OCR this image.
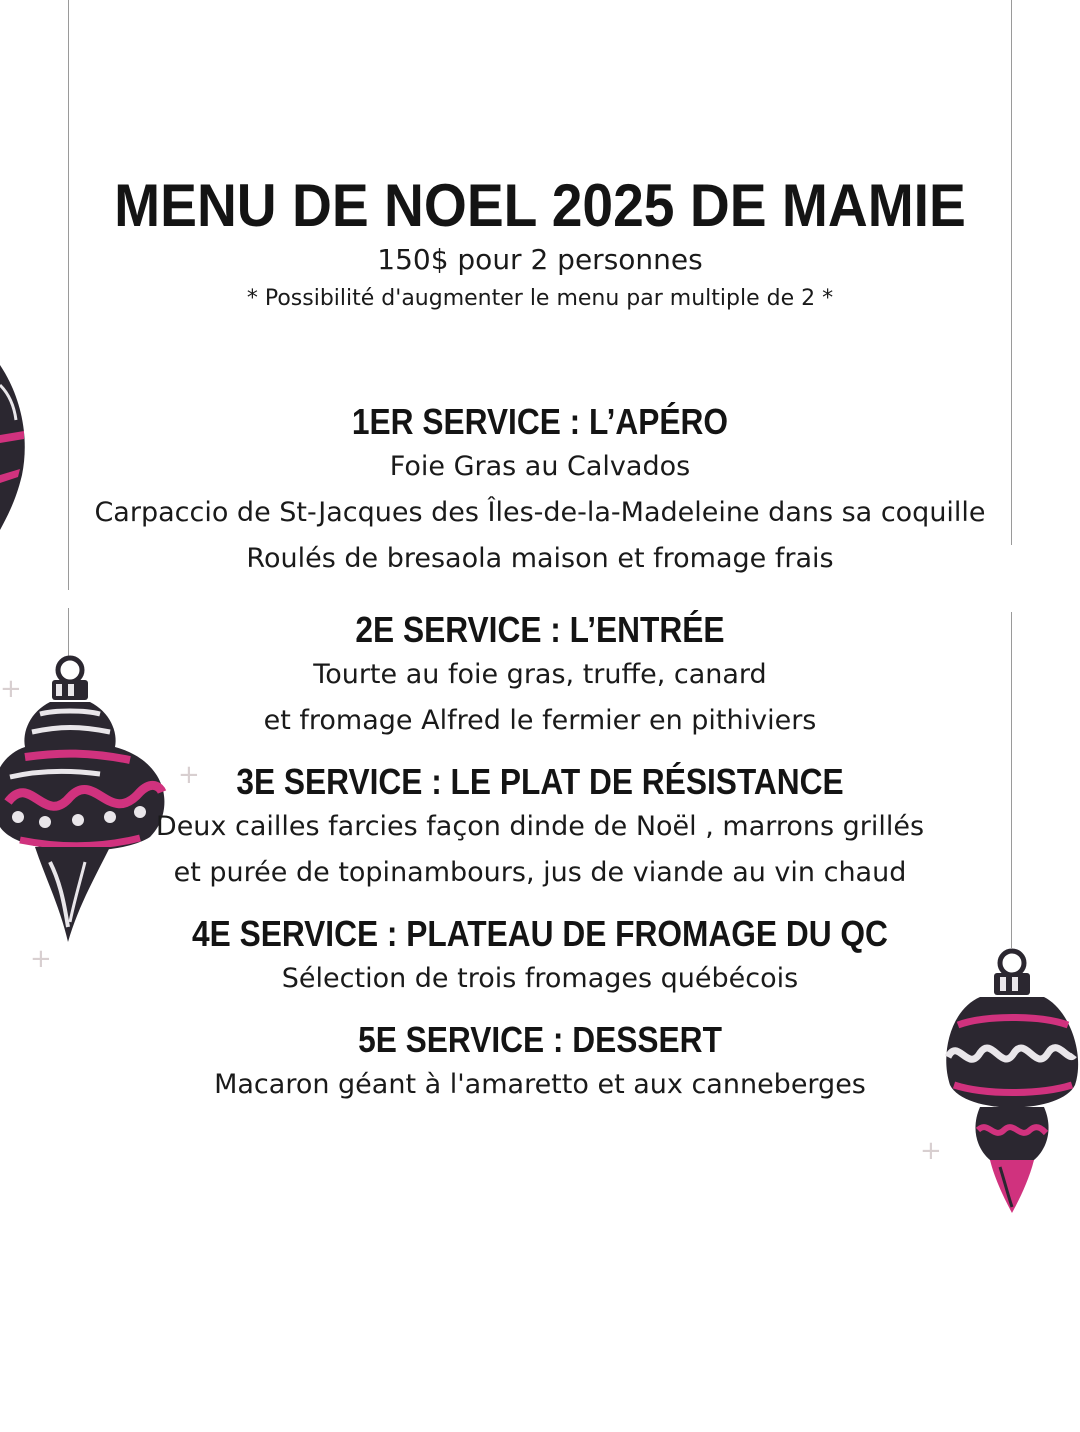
+
+
+
+
MENU DE NOEL 2025 DE MAMIE
150$ pour 2 personnes
* Possibilité d'augmenter le menu par multiple de 2 *
1ER SERVICE : L’APÉRO
Foie Gras au Calvados
Carpaccio de St-Jacques des Îles-de-la-Madeleine dans sa coquille
Roulés de bresaola maison et fromage frais
2E SERVICE : L’ENTRÉE
Tourte au foie gras, truffe, canard
et fromage Alfred le fermier en pithiviers
3E SERVICE : LE PLAT DE RÉSISTANCE
Deux cailles farcies façon dinde de Noël , marrons grillés
et purée de topinambours, jus de viande au vin chaud
4E SERVICE : PLATEAU DE FROMAGE DU QC
Sélection de trois fromages québécois
5E SERVICE : DESSERT
Macaron géant à l'amaretto et aux canneberges
